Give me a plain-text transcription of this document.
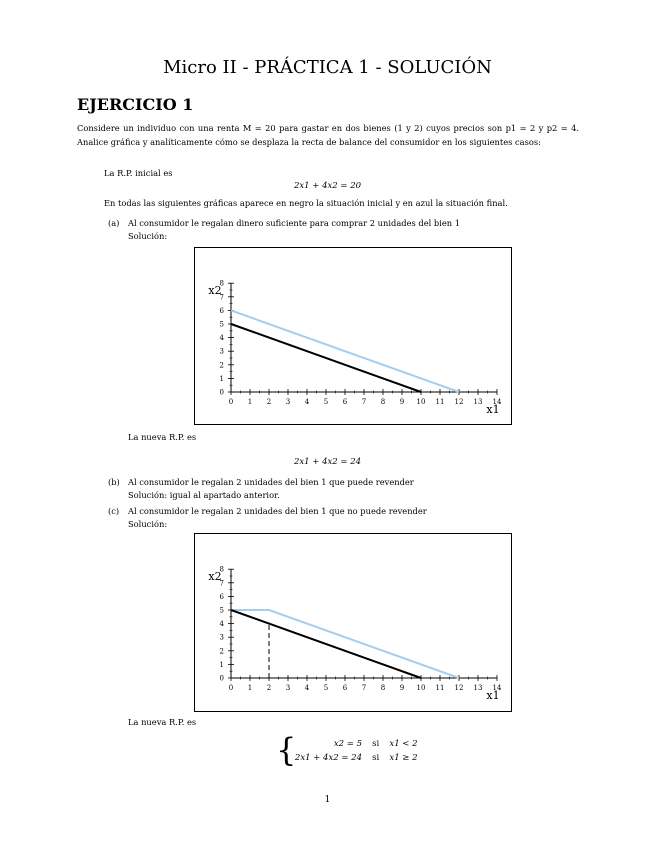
Micro II - PRÁCTICA 1 - SOLUCIÓN
EJERCICIO 1
Considere un individuo con una renta M = 20 para gastar en dos bienes (1 y 2) cuyos precios son p1 = 2 y p2 = 4. Analice gráfica y analíticamente cómo se desplaza la recta de balance del consumidor en los siguientes casos:
La R.P. inicial es
2x1 + 4x2 = 20
En todas las siguientes gráficas aparece en negro la situación inicial y en azul la situación final.
(a) Al consumidor le regalan dinero suficiente para comprar 2 unidades del bien 1
Solución:
0 1 2 3 4 5 6 7 8 9 10 11 12 13 14
0
1
2
3
4
5
6
7
8
x1
x2
La nueva R.P. es
2x1 + 4x2 = 24
(b) Al consumidor le regalan 2 unidades del bien 1 que puede revender
Solución: igual al apartado anterior.
(c) Al consumidor le regalan 2 unidades del bien 1 que no puede revender
Solución:
0 1 2 3 4 5 6 7 8 9 10 11 12 13 14
0
1
2
3
4
5
6
7
8
x1
x2
La nueva R.P. es
{	x2 = 5 si x1 < 2
2x1 + 4x2 = 24 si x1 ≥ 2
1
